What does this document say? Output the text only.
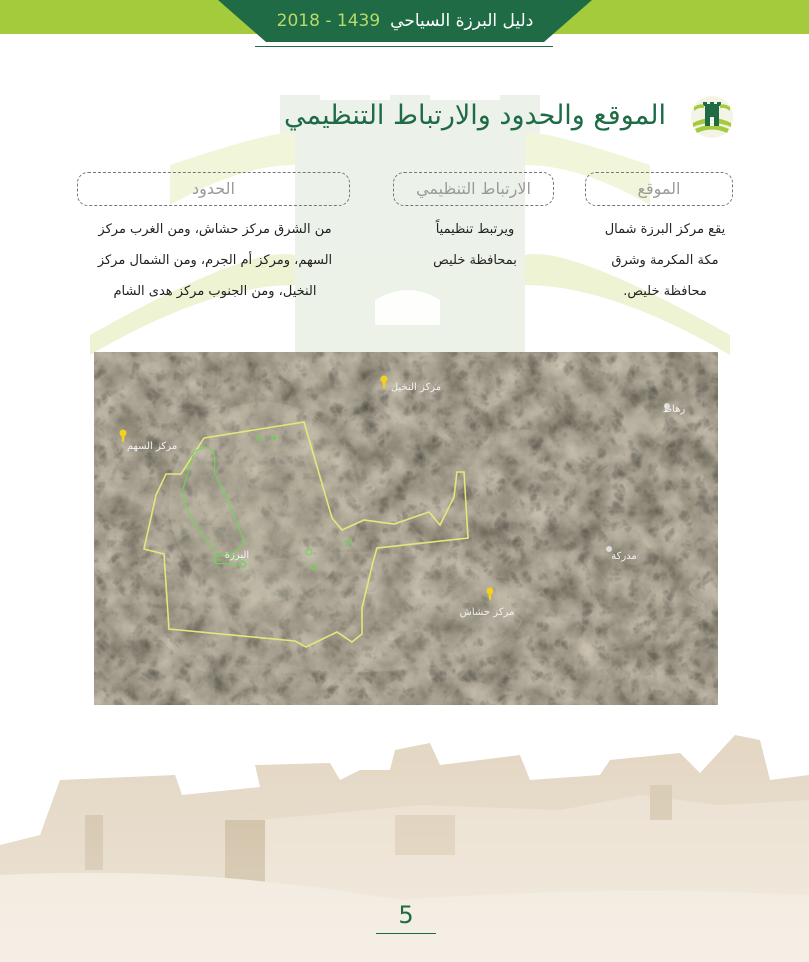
دليل البرزة السياحي1439 - 2018
الموقع والحدود والارتباط التنظيمي
الموقع
الارتباط التنظيمي
الحدود
يقع مركز البرزة شمال
مكة المكرمة وشرق
محافظة خليص.
ويرتبط تنظيمياً
بمحافظة خليص
من الشرق مركز حشاش، ومن الغرب مركز
السهم، ومركز أم الجرم، ومن الشمال مركز
النخيل، ومن الجنوب مركز هدى الشام
مركز النخيل
رهاط
مركز السهم
البرزة	مدركة
مركز حشاش
5
